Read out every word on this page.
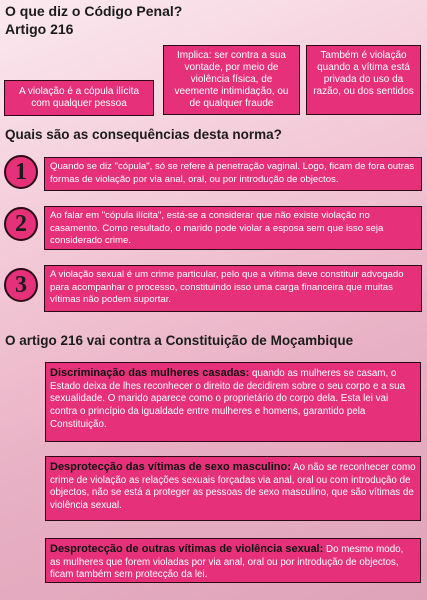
O que diz o Código Penal?
Artigo 216
A violação é a cópula ilícita com qualquer pessoa
Implica: ser contra a sua vontade, por meio de violência física, de veemente intimidação, ou de qualquer fraude
Também é violação quando a vítima está privada do uso da razão, ou dos sentidos
Quais são as consequências desta norma?
1	Quando se diz "cópula", só se refere à penetração vaginal. Logo, ficam de fora outras formas de violação por via anal, oral, ou por introdução de objectos.
2	Ao falar em "cópula ilícita", está-se a considerar que não existe violação no casamento. Como resultado, o marido pode violar a esposa sem que isso seja considerado crime.
3	A violação sexual é um crime particular, pelo que a vítima deve constituir advogado para acompanhar o processo, constituindo isso uma carga financeira que muitas vítimas não podem suportar.
O artigo 216 vai contra a Constituição de Moçambique
Discriminação das mulheres casadas: quando as mulheres se casam, o Estado deixa de lhes reconhecer o direito de decidirem sobre o seu corpo e a sua sexualidade. O marido aparece como o proprietário do corpo dela. Esta lei vai contra o princípio da igualdade entre mulheres e homens, garantido pela Constituição.
Desprotecção das vítimas de sexo masculino: Ao não se reconhecer como crime de violação as relações sexuais forçadas via anal, oral ou com introdução de objectos, não se está a proteger as pessoas de sexo masculino, que são vítimas de violência sexual.
Desprotecção de outras vítimas de violência sexual: Do mesmo modo, as mulheres que forem violadas por via anal, oral ou por introdução de objectos, ficam também sem protecção da lei.
